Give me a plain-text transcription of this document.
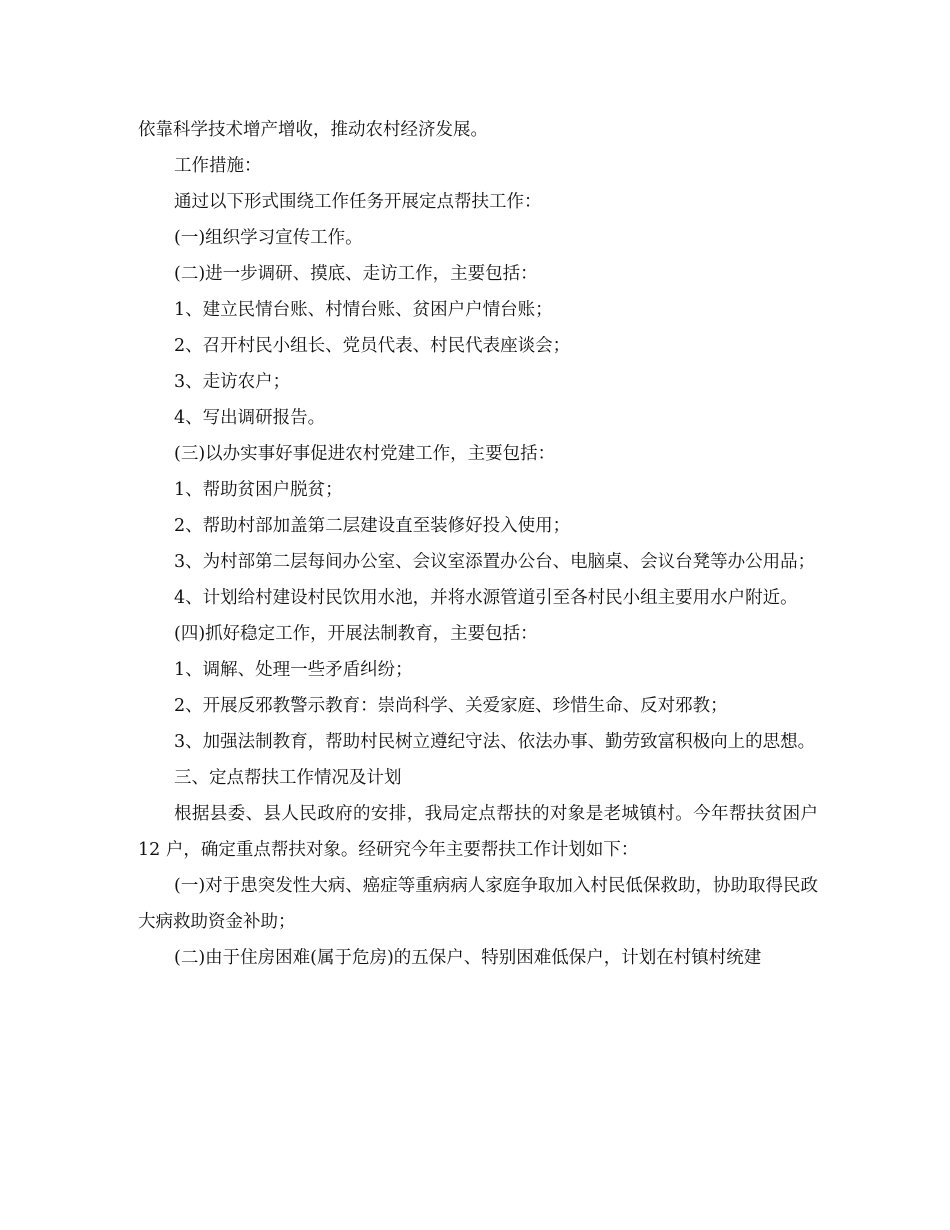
依靠科学技术增产增收，推动农村经济发展。

工作措施：

通过以下形式围绕工作任务开展定点帮扶工作：

(一)组织学习宣传工作。

(二)进一步调研、摸底、走访工作，主要包括：

1、建立民情台账、村情台账、贫困户户情台账；

2、召开村民小组长、党员代表、村民代表座谈会；

3、走访农户；

4、写出调研报告。

(三)以办实事好事促进农村党建工作，主要包括：

1、帮助贫困户脱贫；

2、帮助村部加盖第二层建设直至装修好投入使用；

3、为村部第二层每间办公室、会议室添置办公台、电脑桌、会议台凳等办公用品；

4、计划给村建设村民饮用水池，并将水源管道引至各村民小组主要用水户附近。

(四)抓好稳定工作，开展法制教育，主要包括：

1、调解、处理一些矛盾纠纷；

2、开展反邪教警示教育：崇尚科学、关爱家庭、珍惜生命、反对邪教；

3、加强法制教育，帮助村民树立遵纪守法、依法办事、勤劳致富积极向上的思想。

三、定点帮扶工作情况及计划

根据县委、县人民政府的安排，我局定点帮扶的对象是老城镇村。今年帮扶贫困户 12 户，确定重点帮扶对象。经研究今年主要帮扶工作计划如下：

(一)对于患突发性大病、癌症等重病病人家庭争取加入村民低保救助，协助取得民政大病救助资金补助；

(二)由于住房困难(属于危房)的五保户、特别困难低保户，计划在村镇村统建
